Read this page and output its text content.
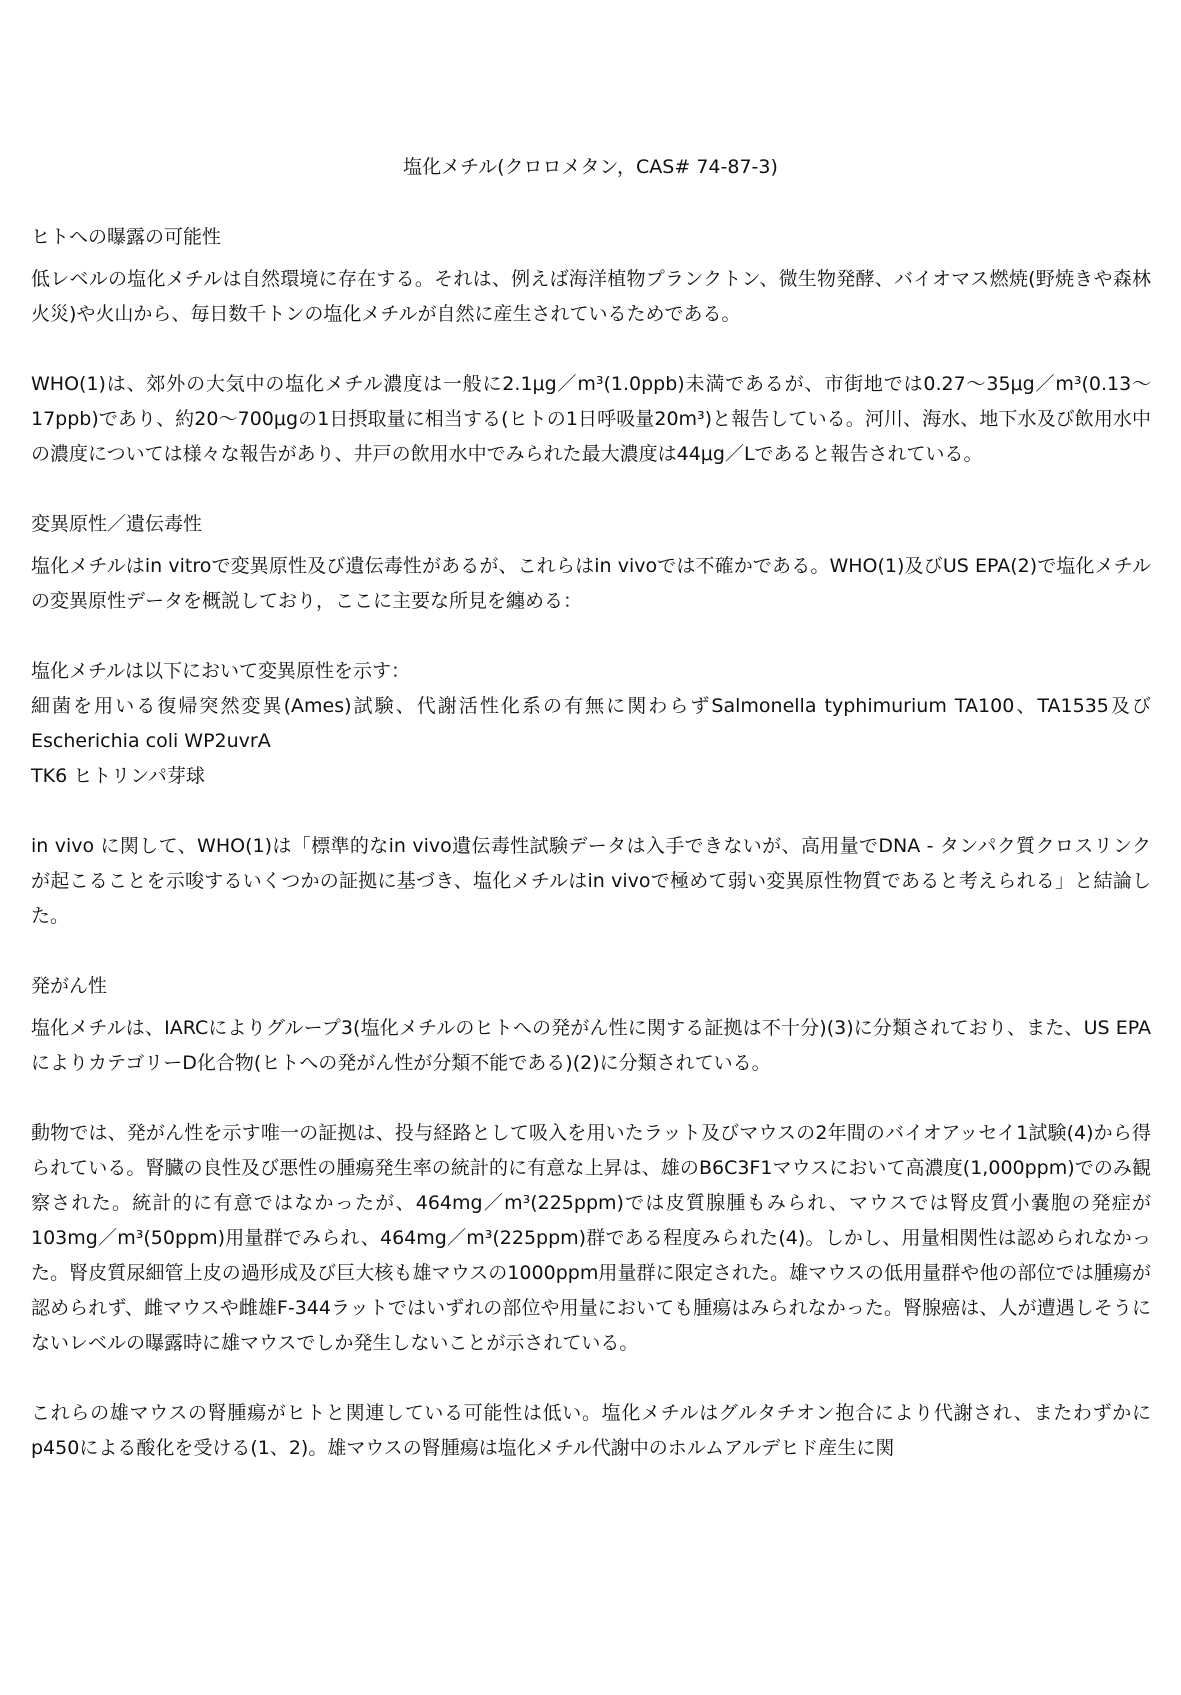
塩化メチル(クロロメタン，CAS# 74-87-3)

ヒトへの曝露の可能性

低レベルの塩化メチルは自然環境に存在する。それは、例えば海洋植物プランクトン、微生物発酵、バイオマス燃焼(野焼きや森林火災)や火山から、毎日数千トンの塩化メチルが自然に産生されているためである。

WHO(1)は、郊外の大気中の塩化メチル濃度は一般に2.1μg／m³(1.0ppb)未満であるが、市街地では0.27～35μg／m³(0.13～17ppb)であり、約20～700μgの1日摂取量に相当する(ヒトの1日呼吸量20m³)と報告している。河川、海水、地下水及び飲用水中の濃度については様々な報告があり、井戸の飲用水中でみられた最大濃度は44μg／Lであると報告されている。

変異原性／遺伝毒性

塩化メチルはin vitroで変異原性及び遺伝毒性があるが、これらはin vivoでは不確かである。WHO(1)及びUS EPA(2)で塩化メチルの変異原性データを概説しており，ここに主要な所見を纏める：

塩化メチルは以下において変異原性を示す：

細菌を用いる復帰突然変異(Ames)試験、代謝活性化系の有無に関わらずSalmonella typhimurium TA100、TA1535及びEscherichia coli WP2uvrA

TK6 ヒトリンパ芽球

in vivo に関して、WHO(1)は「標準的なin vivo遺伝毒性試験データは入手できないが、高用量でDNA - タンパク質クロスリンクが起こることを示唆するいくつかの証拠に基づき、塩化メチルはin vivoで極めて弱い変異原性物質であると考えられる」と結論した。

発がん性

塩化メチルは、IARCによりグループ3(塩化メチルのヒトへの発がん性に関する証拠は不十分)(3)に分類されており、また、US EPAによりカテゴリーD化合物(ヒトへの発がん性が分類不能である)(2)に分類されている。

動物では、発がん性を示す唯一の証拠は、投与経路として吸入を用いたラット及びマウスの2年間のバイオアッセイ1試験(4)から得られている。腎臓の良性及び悪性の腫瘍発生率の統計的に有意な上昇は、雄のB6C3F1マウスにおいて高濃度(1,000ppm)でのみ観察された。統計的に有意ではなかったが、464mg／m³(225ppm)では皮質腺腫もみられ、マウスでは腎皮質小嚢胞の発症が103mg／m³(50ppm)用量群でみられ、464mg／m³(225ppm)群である程度みられた(4)。しかし、用量相関性は認められなかった。腎皮質尿細管上皮の過形成及び巨大核も雄マウスの1000ppm用量群に限定された。雄マウスの低用量群や他の部位では腫瘍が認められず、雌マウスや雌雄F-344ラットではいずれの部位や用量においても腫瘍はみられなかった。腎腺癌は、人が遭遇しそうにないレベルの曝露時に雄マウスでしか発生しないことが示されている。

これらの雄マウスの腎腫瘍がヒトと関連している可能性は低い。塩化メチルはグルタチオン抱合により代謝され、またわずかにp450による酸化を受ける(1、2)。雄マウスの腎腫瘍は塩化メチル代謝中のホルムアルデヒド産生に関
